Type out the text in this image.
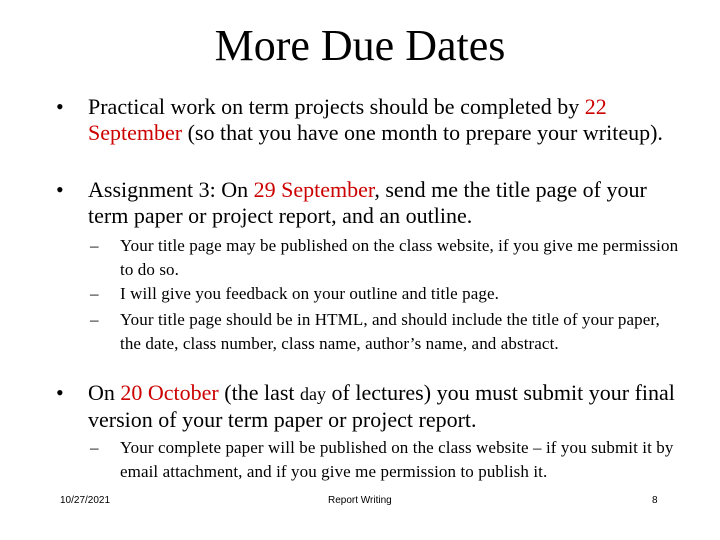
More Due Dates
• Practical work on term projects should be completed by 22 September (so that you have one month to prepare your writeup).
• Assignment 3: On 29 September, send me the title page of your term paper or project report, and an outline.
– Your title page may be published on the class website, if you give me permission to do so.
– I will give you feedback on your outline and title page.
– Your title page should be in HTML, and should include the title of your paper, the date, class number, class name, author’s name, and abstract.
• On 20 October (the last day of lectures) you must submit your final version of your term paper or project report.
– Your complete paper will be published on the class website – if you submit it by email attachment, and if you give me permission to publish it.
10/27/2021	Report Writing	8
